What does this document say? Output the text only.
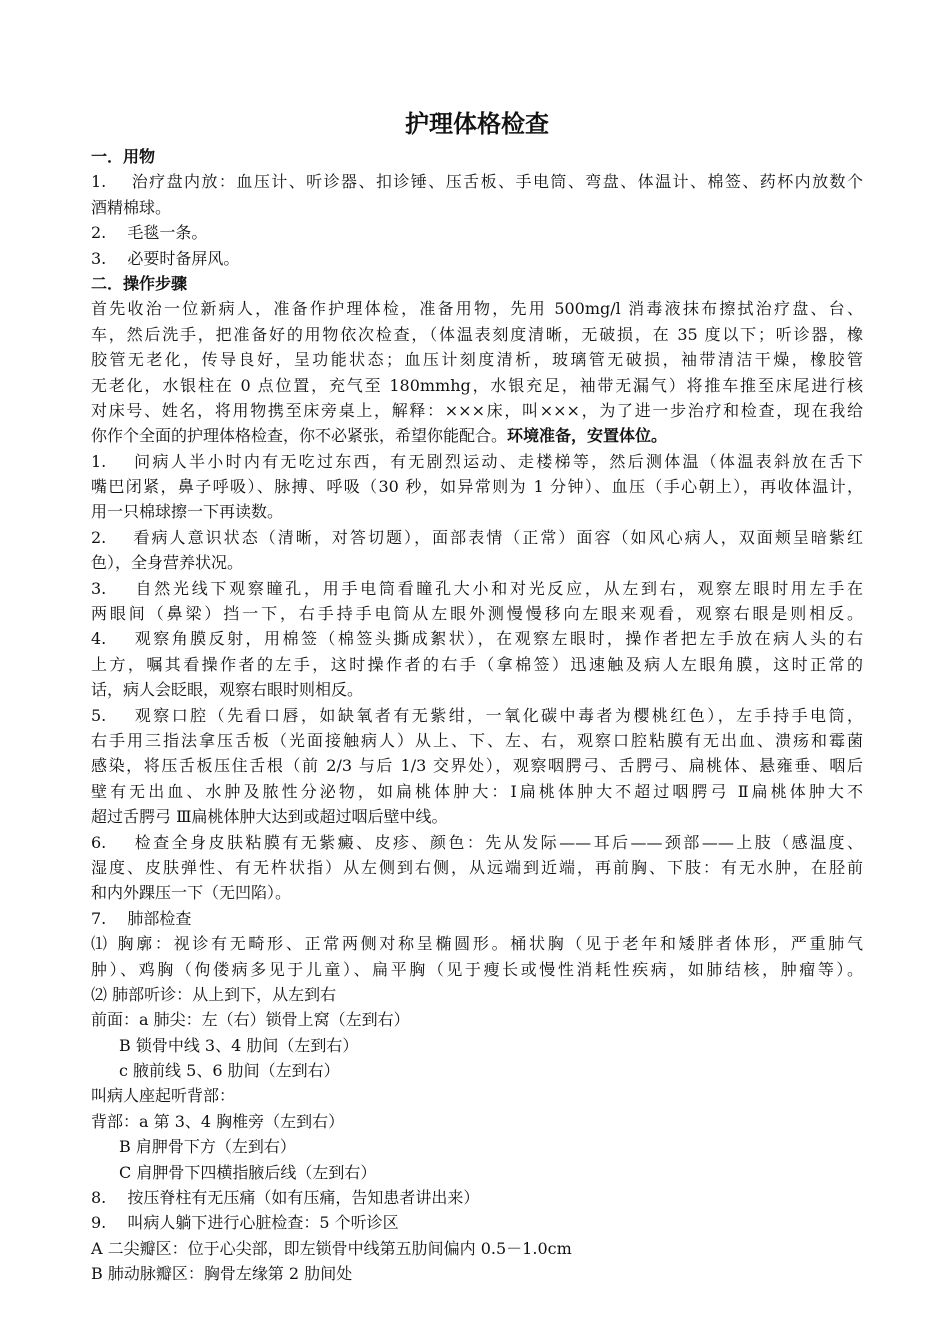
护理体格检查

一．用物

1.　 治疗盘内放：血压计、听诊器、扣诊锤、压舌板、手电筒、弯盘、体温计、棉签、药杯内放数个

酒精棉球。

2.　 毛毯一条。

3.　 必要时备屏风。

二．操作步骤

首先收治一位新病人，准备作护理体检，准备用物，先用 500mg/l 消毒液抹布擦拭治疗盘、台、

车，然后洗手，把准备好的用物依次检查，（体温表刻度清晰，无破损，在 35 度以下；听诊器，橡

胶管无老化，传导良好，呈功能状态；血压计刻度清析，玻璃管无破损，袖带清洁干燥，橡胶管

无老化，水银柱在 0 点位置，充气至 180mmhg，水银充足，袖带无漏气）将推车推至床尾进行核

对床号、姓名，将用物携至床旁桌上，解释：×××床，叫×××，为了进一步治疗和检查，现在我给

你作个全面的护理体格检查，你不必紧张，希望你能配合。环境准备，安置体位。

1.　 问病人半小时内有无吃过东西，有无剧烈运动、走楼梯等，然后测体温（体温表斜放在舌下

嘴巴闭紧，鼻子呼吸）、脉搏、呼吸（30 秒，如异常则为 1 分钟）、血压（手心朝上），再收体温计，

用一只棉球擦一下再读数。

2.　 看病人意识状态（清晰，对答切题），面部表情（正常）面容（如风心病人，双面颊呈暗紫红

色），全身营养状况。

3.　 自然光线下观察瞳孔，用手电筒看瞳孔大小和对光反应，从左到右，观察左眼时用左手在

两眼间（鼻梁）挡一下，右手持手电筒从左眼外测慢慢移向左眼来观看，观察右眼是则相反。

4.　 观察角膜反射，用棉签（棉签头撕成絮状），在观察左眼时，操作者把左手放在病人头的右

上方，嘱其看操作者的左手，这时操作者的右手（拿棉签）迅速触及病人左眼角膜，这时正常的

话，病人会眨眼，观察右眼时则相反。

5.　 观察口腔（先看口唇，如缺氧者有无紫绀，一氧化碳中毒者为樱桃红色），左手持手电筒，

右手用三指法拿压舌板（光面接触病人）从上、下、左、右，观察口腔粘膜有无出血、溃疡和霉菌

感染，将压舌板压住舌根（前 2/3 与后 1/3 交界处），观察咽腭弓、舌腭弓、扁桃体、悬雍垂、咽后

壁有无出血、水肿及脓性分泌物，如扁桃体肿大：Ⅰ扁桃体肿大不超过咽腭弓 Ⅱ扁桃体肿大不

超过舌腭弓 Ⅲ扁桃体肿大达到或超过咽后壁中线。

6.　 检查全身皮肤粘膜有无紫癜、皮疹、颜色：先从发际——耳后——颈部——上肢（感温度、

湿度、皮肤弹性、有无杵状指）从左侧到右侧，从远端到近端，再前胸、下肢：有无水肿，在胫前

和内外踝压一下（无凹陷）。

7.　 肺部检查

⑴ 胸廓：视诊有无畸形、正常两侧对称呈椭圆形。桶状胸（见于老年和矮胖者体形，严重肺气

肿）、鸡胸（佝偻病多见于儿童）、扁平胸（见于瘦长或慢性消耗性疾病，如肺结核，肿瘤等）。

⑵ 肺部听诊：从上到下，从左到右

前面：a 肺尖：左（右）锁骨上窝（左到右）

B 锁骨中线 3、4 肋间（左到右）

c 腋前线 5、6 肋间（左到右）

叫病人座起听背部：

背部：a 第 3、4 胸椎旁（左到右）

B 肩胛骨下方（左到右）

C 肩胛骨下四横指腋后线（左到右）

8.　 按压脊柱有无压痛（如有压痛，告知患者讲出来）

9.　 叫病人躺下进行心脏检查：5 个听诊区

A 二尖瓣区：位于心尖部，即左锁骨中线第五肋间偏内 0.5－1.0cm

B 肺动脉瓣区：胸骨左缘第 2 肋间处
